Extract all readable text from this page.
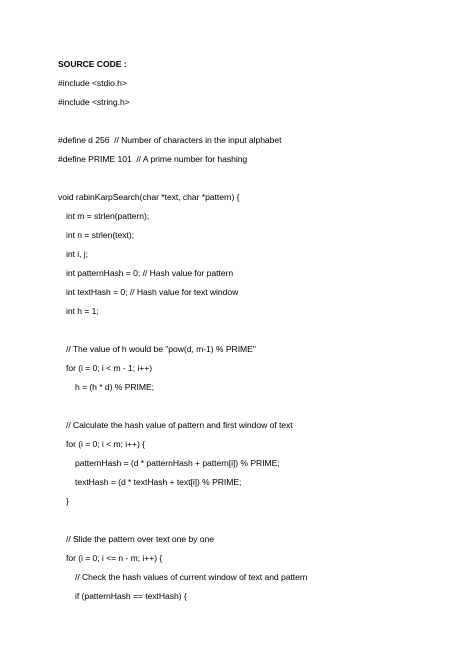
SOURCE CODE :
#include <stdio.h>
#include <string.h>
#define d 256  // Number of characters in the input alphabet
#define PRIME 101  // A prime number for hashing
void rabinKarpSearch(char *text, char *pattern) {
int m = strlen(pattern);
int n = strlen(text);
int i, j;
int patternHash = 0; // Hash value for pattern
int textHash = 0; // Hash value for text window
int h = 1;
// The value of h would be "pow(d, m-1) % PRIME"
for (i = 0; i < m - 1; i++)
h = (h * d) % PRIME;
// Calculate the hash value of pattern and first window of text
for (i = 0; i < m; i++) {
patternHash = (d * patternHash + pattern[i]) % PRIME;
textHash = (d * textHash + text[i]) % PRIME;
}
// Slide the pattern over text one by one
for (i = 0; i <= n - m; i++) {
// Check the hash values of current window of text and pattern
if (patternHash == textHash) {
